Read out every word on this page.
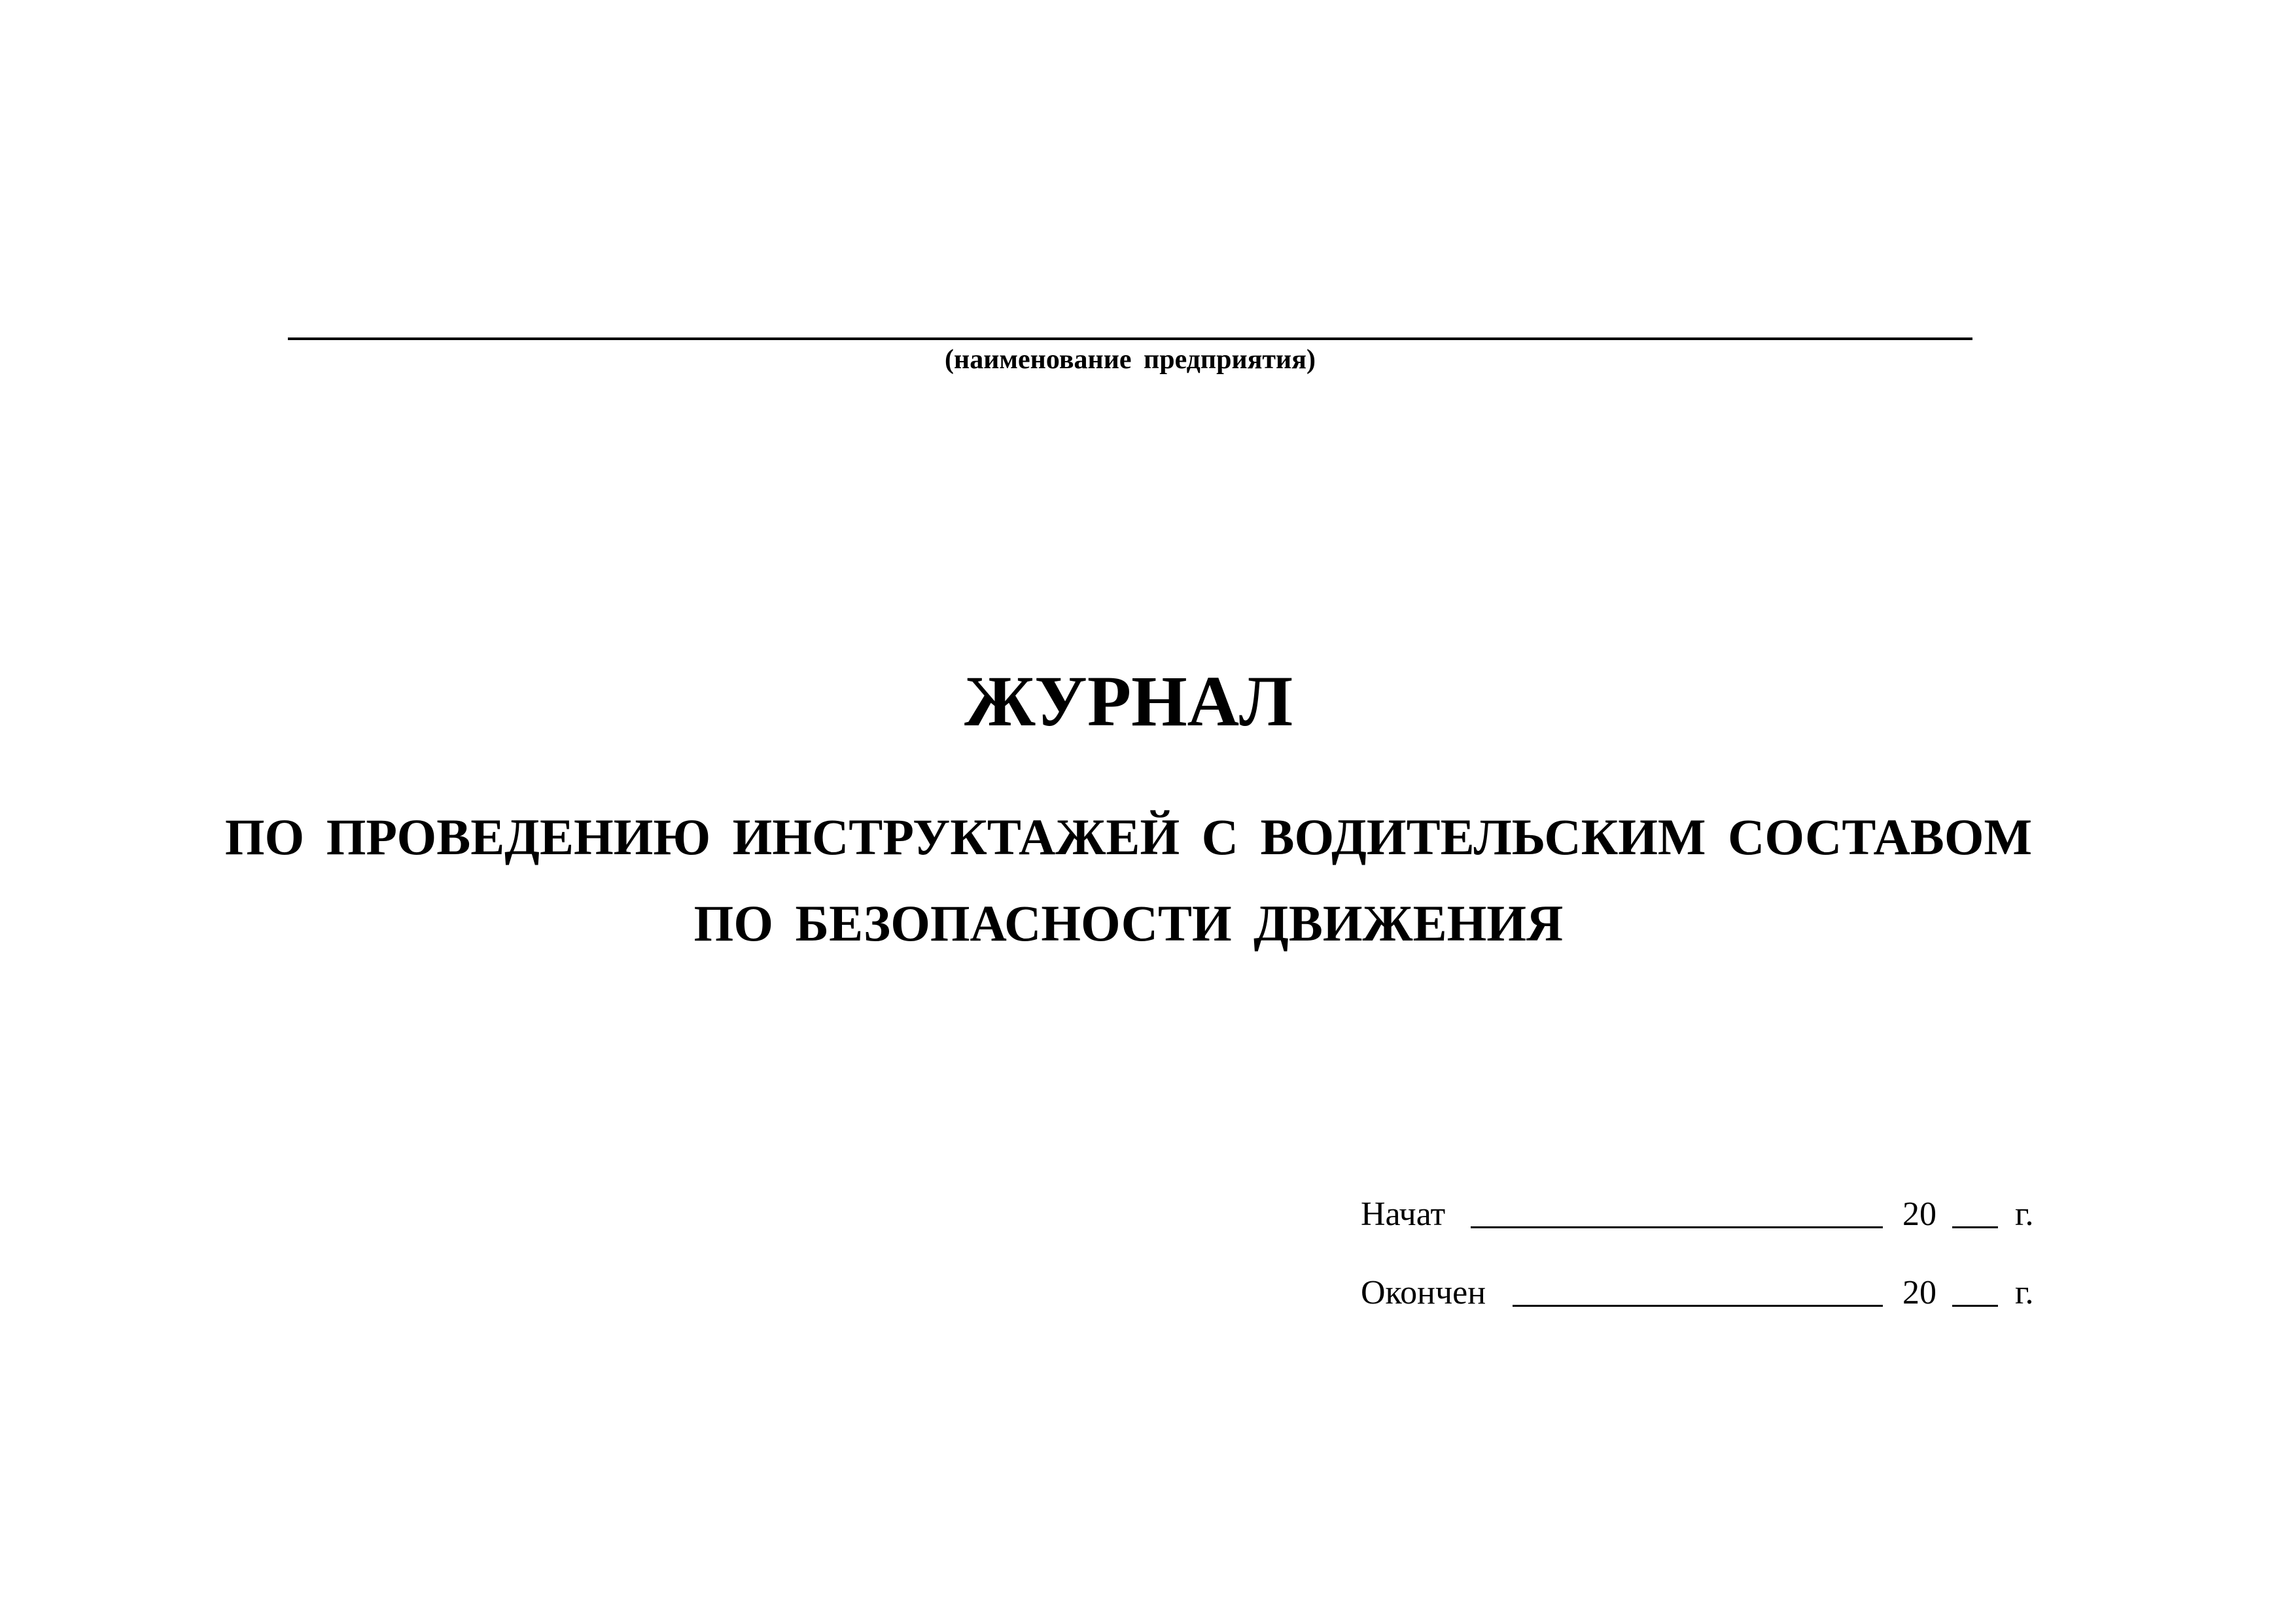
(наименование предприятия)
ЖУРНАЛ
ПО ПРОВЕДЕНИЮ ИНСТРУКТАЖЕЙ С ВОДИТЕЛЬСКИМ СОСТАВОМ
ПО БЕЗОПАСНОСТИ ДВИЖЕНИЯ
Начат	20 г.
Окончен	20 г.
